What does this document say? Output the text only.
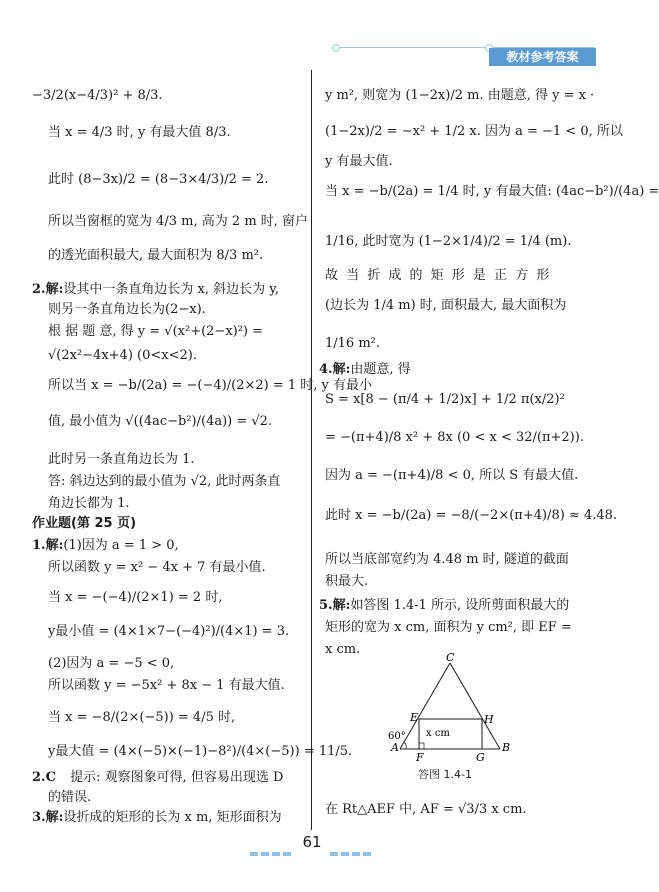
教材参考答案
−3/2(x−4/3)² + 8/3.
当 x = 4/3 时, y 有最大值 8/3.
此时 (8−3x)/2 = (8−3×4/3)/2 = 2.
所以当窗框的宽为 4/3 m, 高为 2 m 时, 窗户
的透光面积最大, 最大面积为 8/3 m².
2.解:设其中一条直角边长为 x, 斜边长为 y,
则另一条直角边长为(2−x).
根 据 题 意, 得 y = √(x²+(2−x)²) =
√(2x²−4x+4) (0<x<2).
所以当 x = −b/(2a) = −(−4)/(2×2) = 1 时, y 有最小
值, 最小值为 √((4ac−b²)/(4a)) = √2.
此时另一条直角边长为 1.
答: 斜边达到的最小值为 √2, 此时两条直
角边长都为 1.
作业题(第 25 页)
1.解:(1)因为 a = 1 > 0,
所以函数 y = x² − 4x + 7 有最小值.
当 x = −(−4)/(2×1) = 2 时,
y最小值 = (4×1×7−(−4)²)/(4×1) = 3.
(2)因为 a = −5 < 0,
所以函数 y = −5x² + 8x − 1 有最大值.
当 x = −8/(2×(−5)) = 4/5 时,
y最大值 = (4×(−5)×(−1)−8²)/(4×(−5)) = 11/5.
2.C 提示: 观察图象可得, 但容易出现选 D
的错误.
3.解:设折成的矩形的长为 x m, 矩形面积为
y m², 则宽为 (1−2x)/2 m. 由题意, 得 y = x ·
(1−2x)/2 = −x² + 1/2 x. 因为 a = −1 < 0, 所以
y 有最大值.
当 x = −b/(2a) = 1/4 时, y 有最大值: (4ac−b²)/(4a) =
1/16, 此时宽为 (1−2×1/4)/2 = 1/4 (m).
故 当 折 成 的 矩 形 是 正 方 形
(边长为 1/4 m) 时, 面积最大, 最大面积为
1/16 m².
4.解:由题意, 得
S = x[8 − (π/4 + 1/2)x] + 1/2 π(x/2)²
= −(π+4)/8 x² + 8x (0 < x < 32/(π+2)).
因为 a = −(π+4)/8 < 0, 所以 S 有最大值.
此时 x = −b/(2a) = −8/(−2×(π+4)/8) ≈ 4.48.
所以当底部宽约为 4.48 m 时, 隧道的截面
积最大.
5.解:如答图 1.4-1 所示, 设所剪面积最大的
矩形的宽为 x cm, 面积为 y cm², 即 EF =
x cm.
在 Rt△AEF 中, AF = √3/3 x cm.
C
E	H
A
F	G
B
60° x cm
答图 1.4-1
61
